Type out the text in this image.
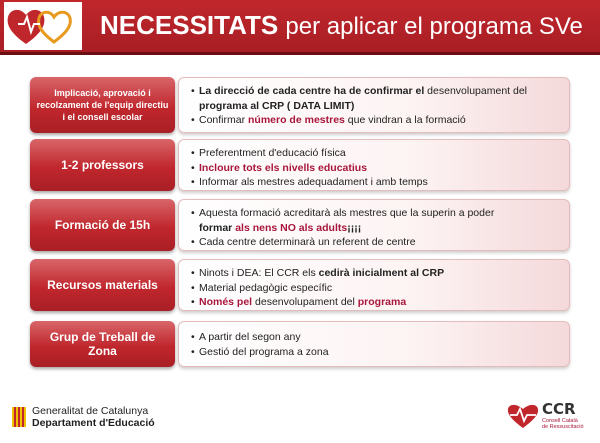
NECESSITATS per aplicar el programa SVe
Implicació, aprovació i recolzament de l'equip directiu i el consell escolar

• La direcció de cada centre ha de confirmar el desenvolupament del

programa al CRP ( DATA LIMIT)

• Confirmar número de mestres que vindran a la formació

1-2 professors

• Preferentment d'educació física

• Incloure tots els nivells educatius

• Informar als mestres adequadament i amb temps

Formació de 15h

• Aquesta formació acreditarà als mestres que la superin a poder

formar als nens NO als adults¡¡¡¡

• Cada centre determinarà un referent de centre

Recursos materials

• Ninots i DEA: El CCR els cedirà inicialment al CRP

• Material pedagògic específic

• Només pel desenvolupament del programa

Grup de Treball de Zona

• A partir del segon any

• Gestió del programa a zona

Generalitat de Catalunya
Departament d'Educació
CCR
Consell Català
de Ressuscitació
